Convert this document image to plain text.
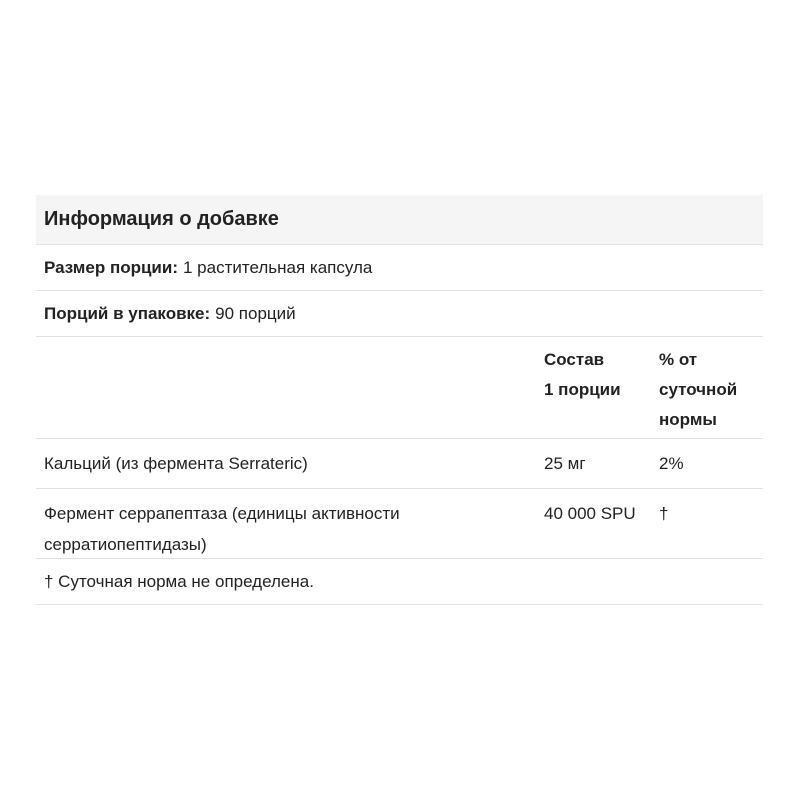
Информация о добавке
Размер порции: 1 растительная капсула
Порций в упаковке: 90 порций
Состав
1 порции
% от
суточной
нормы
Кальций (из фермента Serrateric)	25 мг	2%
Фермент серрапептаза (единицы активности
серратиопептидазы)
40 000 SPU †
† Суточная норма не определена.
